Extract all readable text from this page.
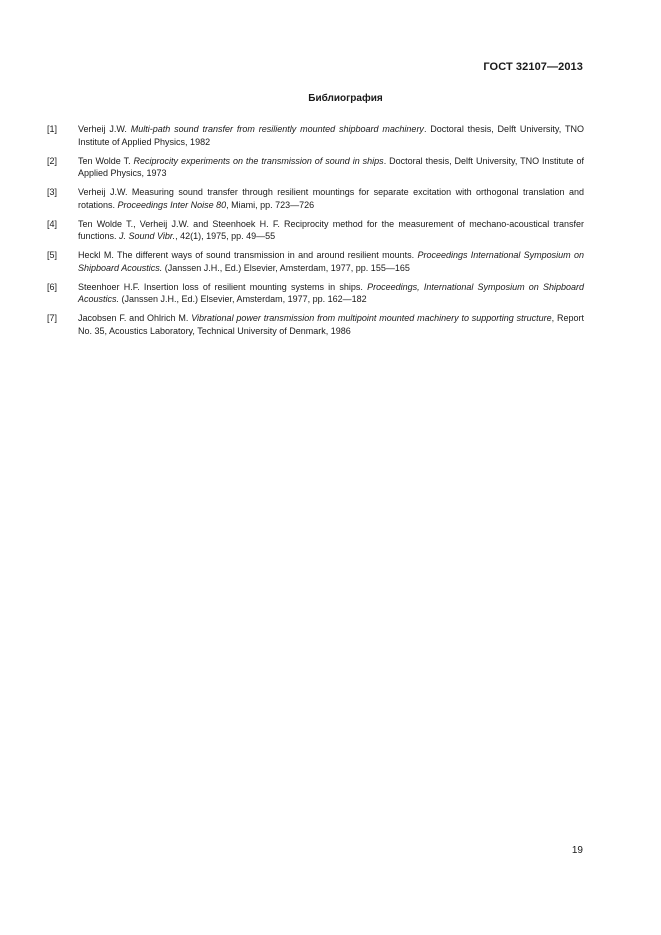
ГОСТ 32107—2013
Библиография
[1]	Verheij J.W. Multi-path sound transfer from resiliently mounted shipboard machinery. Doctoral thesis, Delft University, TNO Institute of Applied Physics, 1982
[2]	Ten Wolde T. Reciprocity experiments on the transmission of sound in ships. Doctoral thesis, Delft University, TNO Institute of Applied Physics, 1973
[3]	Verheij J.W. Measuring sound transfer through resilient mountings for separate excitation with orthogonal translation and rotations. Proceedings Inter Noise 80, Miami, pp. 723—726
[4]	Ten Wolde T., Verheij J.W. and Steenhoek H. F. Reciprocity method for the measurement of mechano-acoustical transfer functions. J. Sound Vibr., 42(1), 1975, pp. 49—55
[5]	Heckl M. The different ways of sound transmission in and around resilient mounts. Proceedings International Symposium on Shipboard Acoustics. (Janssen J.H., Ed.) Elsevier, Amsterdam, 1977, pp. 155—165
[6]	Steenhoer H.F. Insertion loss of resilient mounting systems in ships. Proceedings, International Symposium on Shipboard Acoustics. (Janssen J.H., Ed.) Elsevier, Amsterdam, 1977, pp. 162—182
[7]	Jacobsen F. and Ohlrich M. Vibrational power transmission from multipoint mounted machinery to supporting structure, Report No. 35, Acoustics Laboratory, Technical University of Denmark, 1986
19
